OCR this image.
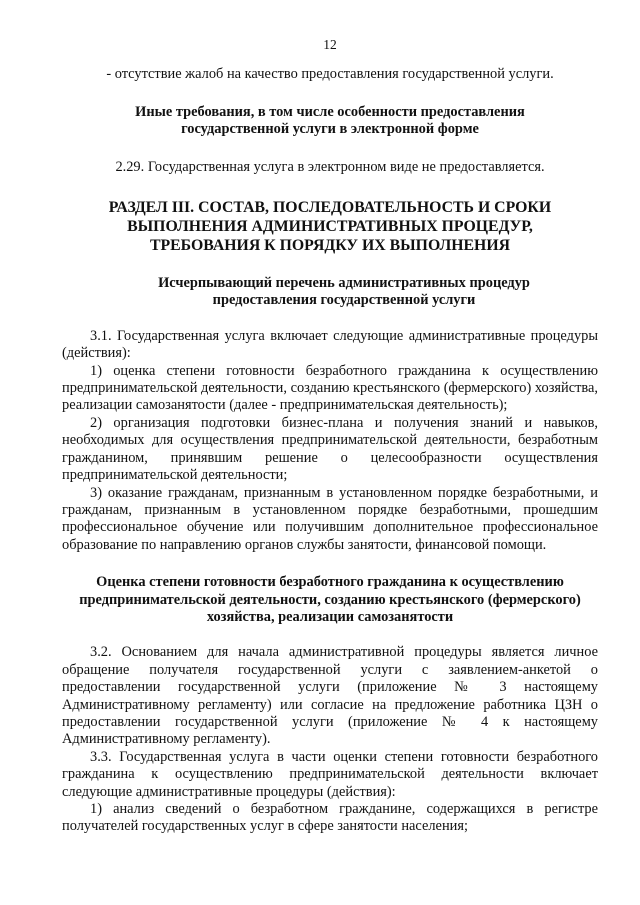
12

- отсутствие жалоб на качество предоставления государственной услуги.

Иные требования, в том числе особенности предоставления
государственной услуги в электронной форме

2.29. Государственная услуга в электронном виде не предоставляется.

РАЗДЕЛ III. СОСТАВ, ПОСЛЕДОВАТЕЛЬНОСТЬ И СРОКИ
ВЫПОЛНЕНИЯ АДМИНИСТРАТИВНЫХ ПРОЦЕДУР,
ТРЕБОВАНИЯ К ПОРЯДКУ ИХ ВЫПОЛНЕНИЯ
Исчерпывающий перечень административных процедур
предоставления государственной услуги

3.1. Государственная услуга включает следующие административные процедуры (действия):

1) оценка степени готовности безработного гражданина к осуществлению предпринимательской деятельности, созданию крестьянского (фермерского) хозяйства, реализации самозанятости (далее - предпринимательская деятельность);

2) организация подготовки бизнес-плана и получения знаний и навыков, необходимых для осуществления предпринимательской деятельности, безработным гражданином, принявшим решение о целесообразности осуществления предпринимательской деятельности;

3) оказание гражданам, признанным в установленном порядке безработными, и гражданам, признанным в установленном порядке безработными, прошедшим профессиональное обучение или получившим дополнительное профессиональное образование по направлению органов службы занятости, финансовой помощи.

Оценка степени готовности безработного гражданина к осуществлению
предпринимательской деятельности, созданию крестьянского (фермерского)
хозяйства, реализации самозанятости

3.2. Основанием для начала административной процедуры является личное обращение получателя государственной услуги с заявлением-анкетой о предоставлении государственной услуги (приложение № 3 настоящему Административному регламенту) или согласие на предложение работника ЦЗН о предоставлении государственной услуги (приложение № 4 к настоящему Административному регламенту).

3.3. Государственная услуга в части оценки степени готовности безработного гражданина к осуществлению предпринимательской деятельности включает следующие административные процедуры (действия):

1) анализ сведений о безработном гражданине, содержащихся в регистре получателей государственных услуг в сфере занятости населения;
